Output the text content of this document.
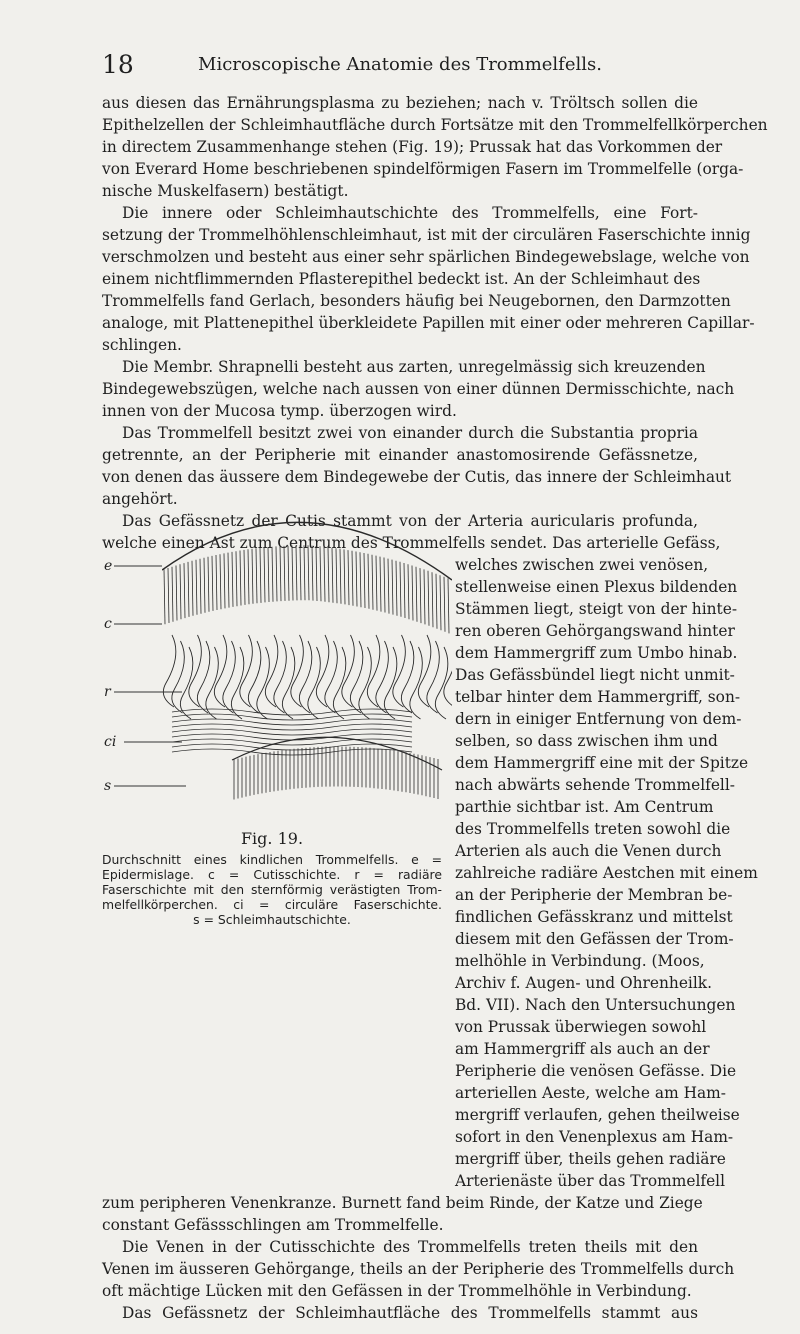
18	Microscopische Anatomie des Trommelfells.
aus diesen das Ernährungsplasma zu beziehen; nach v. Tröltsch sollen die
Epithelzellen der Schleimhautfläche durch Fortsätze mit den Trommelfellkörperchen
in directem Zusammenhange stehen (Fig. 19); Prussak hat das Vorkommen der
von Everard Home beschriebenen spindelförmigen Fasern im Trommelfelle (orga-
nische Muskelfasern) bestätigt.
Die innere oder Schleimhautschichte des Trommelfells, eine Fort-
setzung der Trommelhöhlenschleimhaut, ist mit der circulären Faserschichte innig
verschmolzen und besteht aus einer sehr spärlichen Bindegewebslage, welche von
einem nichtflimmernden Pflasterepithel bedeckt ist. An der Schleimhaut des
Trommelfells fand Gerlach, besonders häufig bei Neugebornen, den Darmzotten
analoge, mit Plattenepithel überkleidete Papillen mit einer oder mehreren Capillar-
schlingen.
Die Membr. Shrapnelli besteht aus zarten, unregelmässig sich kreuzenden
Bindegewebszügen, welche nach aussen von einer dünnen Dermisschichte, nach
innen von der Mucosa tymp. überzogen wird.
Das Trommelfell besitzt zwei von einander durch die Substantia propria
getrennte, an der Peripherie mit einander anastomosirende Gefässnetze,
von denen das äussere dem Bindegewebe der Cutis, das innere der Schleimhaut
angehört.
Das Gefässnetz der Cutis stammt von der Arteria auricularis profunda,
welche einen Ast zum Centrum des Trommelfells sendet. Das arterielle Gefäss,
welches zwischen zwei venösen,
stellenweise einen Plexus bildenden
Stämmen liegt, steigt von der hinte-
ren oberen Gehörgangswand hinter
dem Hammergriff zum Umbo hinab.
Das Gefässbündel liegt nicht unmit-
telbar hinter dem Hammergriff, son-
dern in einiger Entfernung von dem-
selben, so dass zwischen ihm und
dem Hammergriff eine mit der Spitze
nach abwärts sehende Trommelfell-
parthie sichtbar ist. Am Centrum
des Trommelfells treten sowohl die
Arterien als auch die Venen durch
zahlreiche radiäre Aestchen mit einem
an der Peripherie der Membran be-
findlichen Gefässkranz und mittelst
diesem mit den Gefässen der Trom-
melhöhle in Verbindung. (Moos,
Archiv f. Augen- und Ohrenheilk.
Bd. VII). Nach den Untersuchungen
von Prussak überwiegen sowohl
am Hammergriff als auch an der
Peripherie die venösen Gefässe. Die
arteriellen Aeste, welche am Ham-
mergriff verlaufen, gehen theilweise
sofort in den Venenplexus am Ham-
mergriff über, theils gehen radiäre
Arterienäste über das Trommelfell
zum peripheren Venenkranze. Burnett fand beim Rinde, der Katze und Ziege
constant Gefässschlingen am Trommelfelle.
Die Venen in der Cutisschichte des Trommelfells treten theils mit den
Venen im äusseren Gehörgange, theils an der Peripherie des Trommelfells durch
oft mächtige Lücken mit den Gefässen in der Trommelhöhle in Verbindung.
Das Gefässnetz der Schleimhautfläche des Trommelfells stammt aus
c
e
r
ci
s
Fig. 19.
Durchschnitt eines kindlichen Trommelfells. e =
Epidermislage. c = Cutisschichte. r = radiäre
Faserschichte mit den sternförmig verästigten Trom-
melfellkörperchen. ci = circuläre Faserschichte.
s = Schleimhautschichte.
